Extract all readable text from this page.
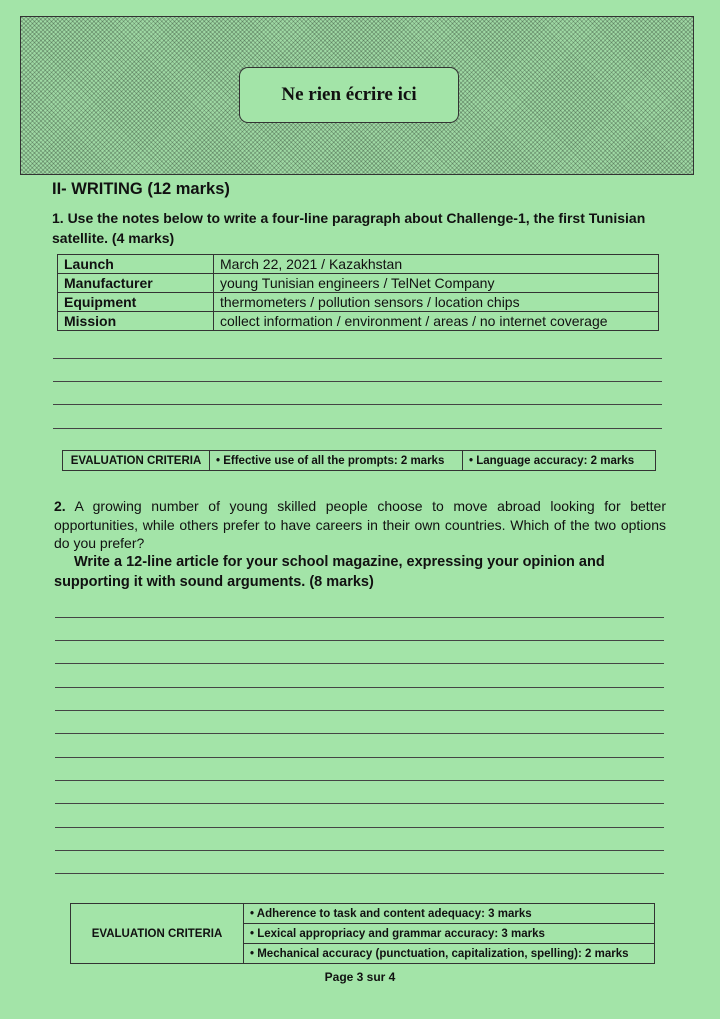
Ne rien écrire ici
II- WRITING (12 marks)
1. Use the notes below to write a four-line paragraph about Challenge-1, the first Tunisian satellite. (4 marks)
Launch	March 22, 2021 / Kazakhstan
Manufacturer	young Tunisian engineers / TelNet Company
Equipment	thermometers / pollution sensors / location chips
Mission	collect information / environment / areas / no internet coverage
EVALUATION CRITERIA	• Effective use of all the prompts: 2 marks	• Language accuracy: 2 marks
2. A growing number of young skilled people choose to move abroad looking for better opportunities, while others prefer to have careers in their own countries. Which of the two options do you prefer?
Write a 12-line article for your school magazine, expressing your opinion and supporting it with sound arguments. (8 marks)
EVALUATION CRITERIA	• Adherence to task and content adequacy: 3 marks
• Lexical appropriacy and grammar accuracy: 3 marks
• Mechanical accuracy (punctuation, capitalization, spelling): 2 marks
Page 3 sur 4
